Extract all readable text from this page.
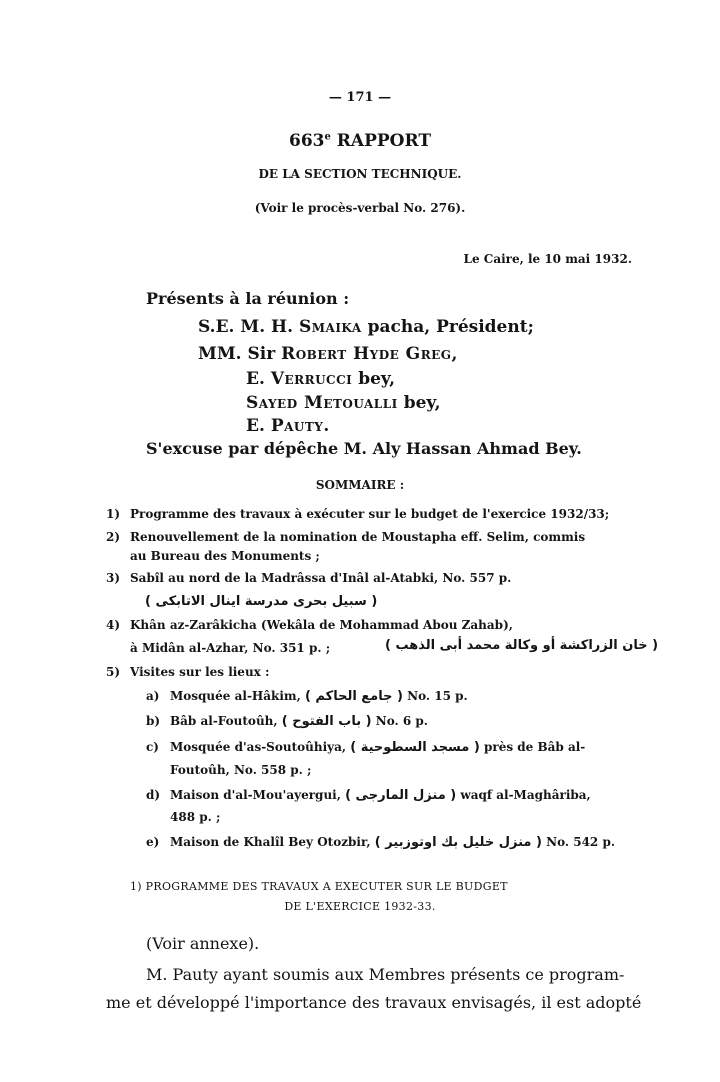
— 171 —
663e RAPPORT
DE LA SECTION TECHNIQUE.
(Voir le procès-verbal No. 276).
Le Caire, le 10 mai 1932.
Présents à la réunion :
S.E. M. H. Smaika pacha, Président;
MM. Sir Robert Hyde Greg,
E. Verrucci bey,
Sayed Metoualli bey,
E. Pauty.
S'excuse par dépêche M. Aly Hassan Ahmad Bey.
SOMMAIRE :
1) Programme des travaux à exécuter sur le budget de l'exercice 1932/33;
2) Renouvellement de la nomination de Moustapha eff. Selim, commis
au Bureau des Monuments ;
3) Sabîl au nord de la Madrâssa d'Inâl al-Atabki, No. 557 p.
( سبيل بحرى مدرسة اينال الاتابكى )
4) Khân az-Zarâkicha (Wekâla de Mohammad Abou Zahab),
à Midân al-Azhar, No. 351 p. ;	( خان الزراكشة أو وكالة محمد أبى الذهب )
5) Visites sur les lieux :
a) Mosquée al-Hâkim, ( جامع الحاكم ) No. 15 p.
b) Bâb al-Foutoûh, ( باب الفتوح ) No. 6 p.
c) Mosquée d'as-Soutoûhiya, ( مسجد السطوحية ) près de Bâb al-
Foutoûh, No. 558 p. ;
d) Maison d'al-Mou'ayergui, ( منزل المارجى ) waqf al-Maghâriba,
488 p. ;
e) Maison de Khalîl Bey Otozbir, ( منزل خليل بك اوتوزبير ) No. 542 p.
1) PROGRAMME DES TRAVAUX A EXECUTER SUR LE BUDGET
DE L'EXERCICE 1932-33.
(Voir annexe).
M. Pauty ayant soumis aux Membres présents ce program-
me et développé l'importance des travaux envisagés, il est adopté
